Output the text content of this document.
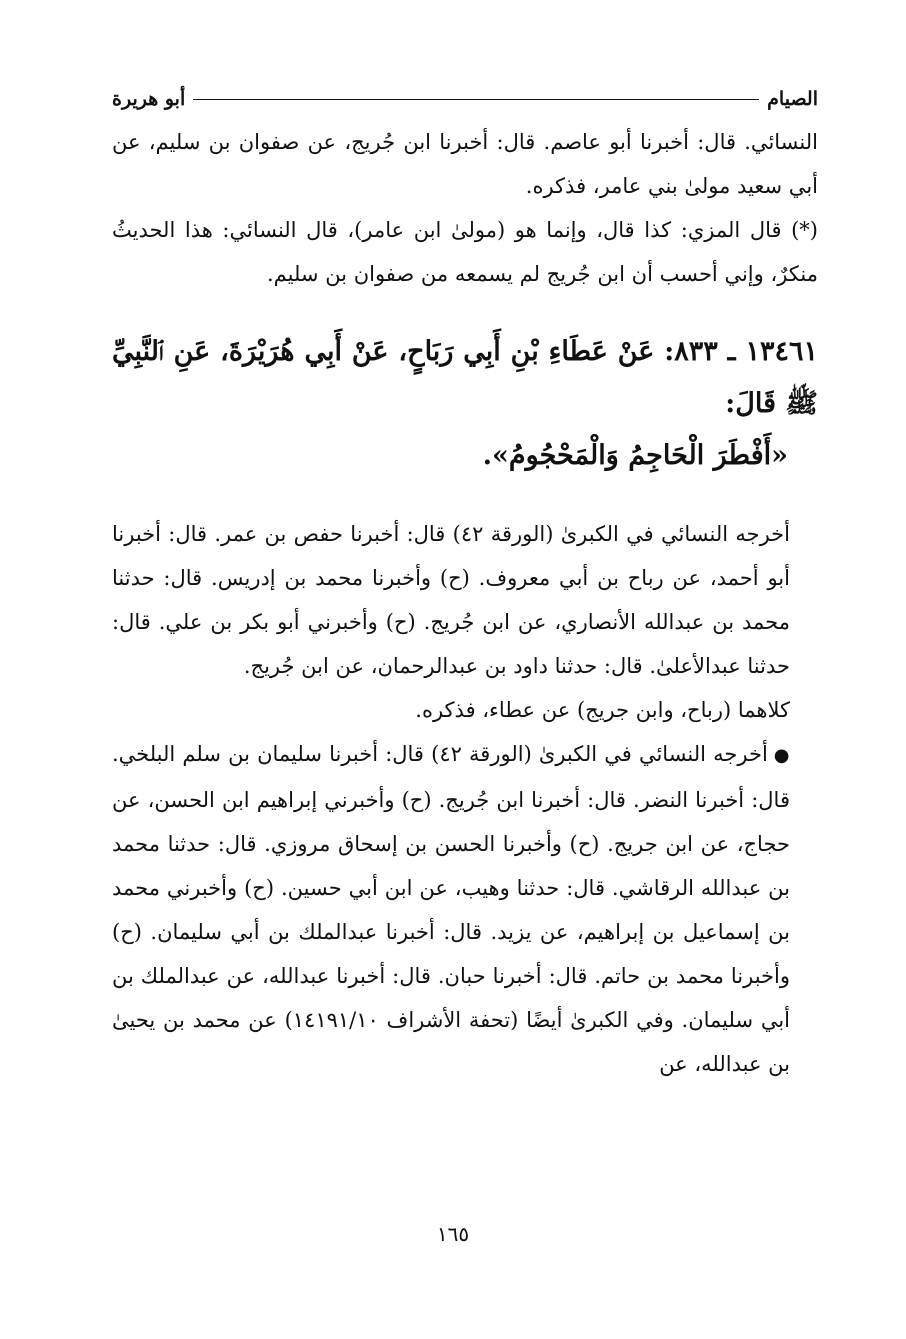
الصيام
أبو هريرة

النسائي. قال: أخبرنا أبو عاصم. قال: أخبرنا ابن جُريج، عن صفوان بن سليم، عن أبي سعيد مولىٰ بني عامر، فذكره.

(*) قال المزي: كذا قال، وإنما هو (مولىٰ ابن عامر)، قال النسائي: هذا الحديثُ منكرٌ، وإني أحسب أن ابن جُريج لم يسمعه من صفوان بن سليم.

١٣٤٦١ ـ ٨٣٣: عَنْ عَطَاءِ بْنِ أَبِي رَبَاحٍ، عَنْ أَبِي هُرَيْرَةَ، عَنِ ٱلنَّبِيِّ ﷺ قَالَ:

«أَفْطَرَ الْحَاجِمُ وَالْمَحْجُومُ».

أخرجه النسائي في الكبرىٰ (الورقة ٤٢) قال: أخبرنا حفص بن عمر. قال: أخبرنا أبو أحمد، عن رباح بن أبي معروف. (ح) وأخبرنا محمد بن إدريس. قال: حدثنا محمد بن عبدالله الأنصاري، عن ابن جُريج. (ح) وأخبرني أبو بكر بن علي. قال: حدثنا عبدالأعلىٰ. قال: حدثنا داود بن عبدالرحمان، عن ابن جُريج.

كلاهما (رباح، وابن جريج) عن عطاء، فذكره.

●أخرجه النسائي في الكبرىٰ (الورقة ٤٢) قال: أخبرنا سليمان بن سلم البلخي. قال: أخبرنا النضر. قال: أخبرنا ابن جُريج. (ح) وأخبرني إبراهيم ابن الحسن، عن حجاج، عن ابن جريج. (ح) وأخبرنا الحسن بن إسحاق مروزي. قال: حدثنا محمد بن عبدالله الرقاشي. قال: حدثنا وهيب، عن ابن أبي حسين. (ح) وأخبرني محمد بن إسماعيل بن إبراهيم، عن يزيد. قال: أخبرنا عبدالملك بن أبي سليمان. (ح) وأخبرنا محمد بن حاتم. قال: أخبرنا حبان. قال: أخبرنا عبدالله، عن عبدالملك بن أبي سليمان. وفي الكبرىٰ أيضًا (تحفة الأشراف ١٤١٩١/١٠) عن محمد بن يحيىٰ بن عبدالله، عن

١٦٥
